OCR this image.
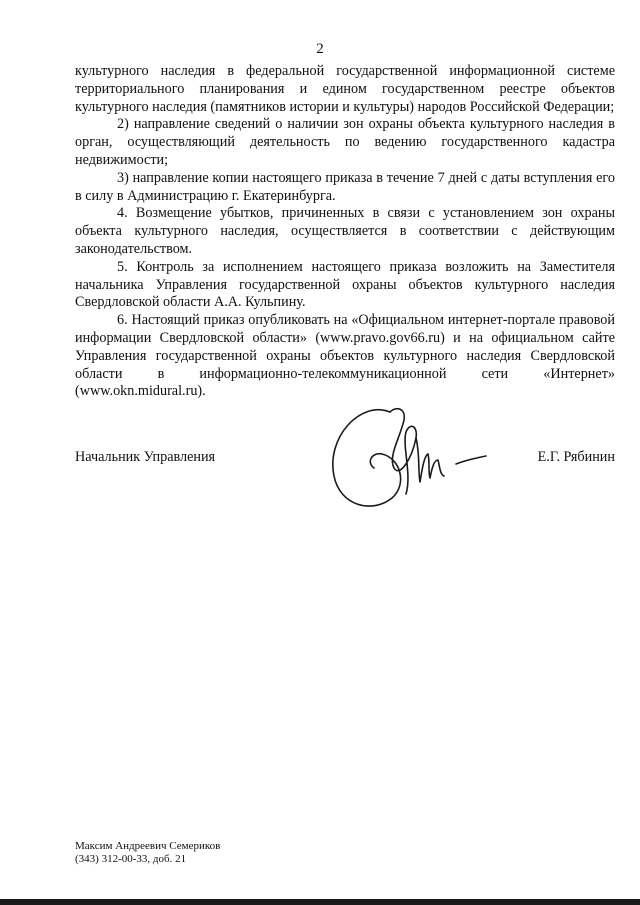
2

культурного наследия в федеральной государственной информационной системе территориального планирования и едином государственном реестре объектов культурного наследия (памятников истории и культуры) народов Российской Федерации;

2) направление сведений о наличии зон охраны объекта культурного наследия в орган, осуществляющий деятельность по ведению государственного кадастра недвижимости;

3) направление копии настоящего приказа в течение 7 дней с даты вступления его в силу в Администрацию г. Екатеринбурга.

4. Возмещение убытков, причиненных в связи с установлением зон охраны объекта культурного наследия, осуществляется в соответствии с действующим законодательством.

5. Контроль за исполнением настоящего приказа возложить на Заместителя начальника Управления государственной охраны объектов культурного наследия Свердловской области А.А. Кульпину.

6. Настоящий приказ опубликовать на «Официальном интернет-портале правовой информации Свердловской области» (www.pravo.gov66.ru) и на официальном сайте Управления государственной охраны объектов культурного наследия Свердловской области в информационно-телекоммуникационной сети «Интернет» (www.okn.midural.ru).

Начальник Управления	Е.Г. Рябинин
Максим Андреевич Семериков
(343) 312-00-33, доб. 21
